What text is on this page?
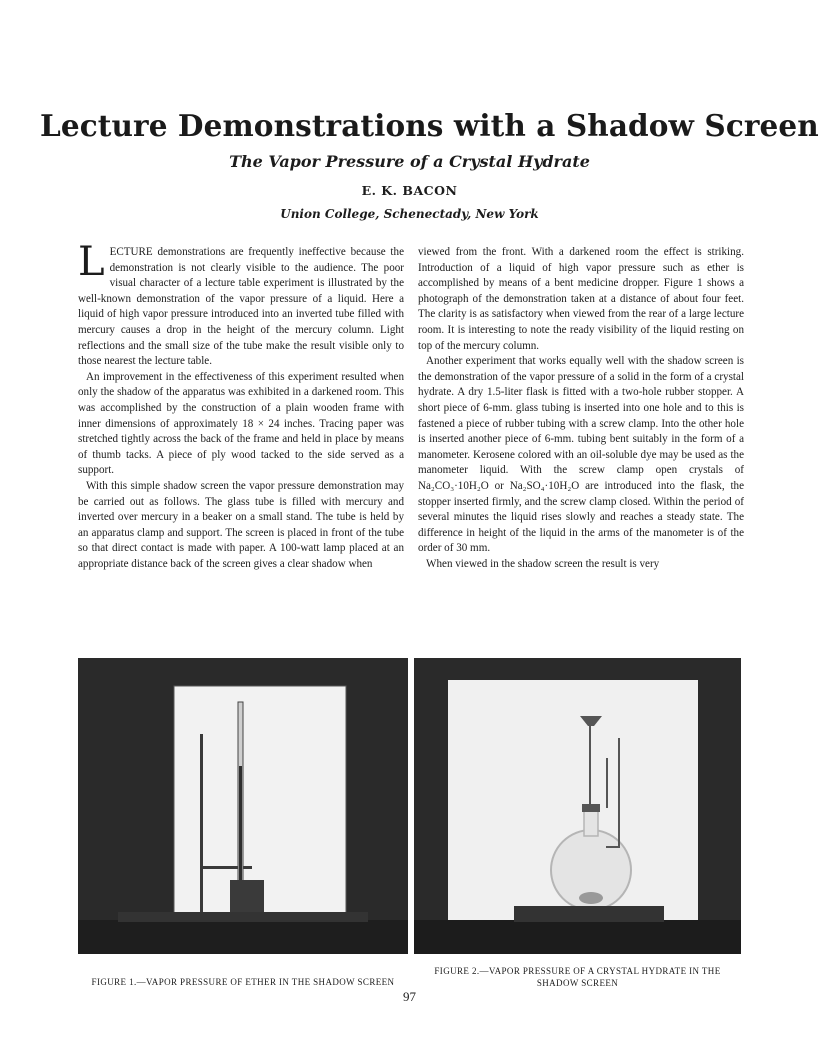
Lecture Demonstrations with a Shadow Screen
The Vapor Pressure of a Crystal Hydrate
E. K. BACON
Union College, Schenectady, New York

LECTURE demonstrations are frequently ineffective because the demonstration is not clearly visible to the audience. The poor visual character of a lecture table experiment is illustrated by the well-known demonstration of the vapor pressure of a liquid. Here a liquid of high vapor pressure introduced into an inverted tube filled with mercury causes a drop in the height of the mercury column. Light reflections and the small size of the tube make the result visible only to those nearest the lecture table.

An improvement in the effectiveness of this experiment resulted when only the shadow of the apparatus was exhibited in a darkened room. This was accomplished by the construction of a plain wooden frame with inner dimensions of approximately 18 × 24 inches. Tracing paper was stretched tightly across the back of the frame and held in place by means of thumb tacks. A piece of ply wood tacked to the side served as a support.

With this simple shadow screen the vapor pressure demonstration may be carried out as follows. The glass tube is filled with mercury and inverted over mercury in a beaker on a small stand. The tube is held by an apparatus clamp and support. The screen is placed in front of the tube so that direct contact is made with paper. A 100-watt lamp placed at an appropriate distance back of the screen gives a clear shadow when

viewed from the front. With a darkened room the effect is striking. Introduction of a liquid of high vapor pressure such as ether is accomplished by means of a bent medicine dropper. Figure 1 shows a photograph of the demonstration taken at a distance of about four feet. The clarity is as satisfactory when viewed from the rear of a large lecture room. It is interesting to note the ready visibility of the liquid resting on top of the mercury column.

Another experiment that works equally well with the shadow screen is the demonstration of the vapor pressure of a solid in the form of a crystal hydrate. A dry 1.5-liter flask is fitted with a two-hole rubber stopper. A short piece of 6-mm. glass tubing is inserted into one hole and to this is fastened a piece of rubber tubing with a screw clamp. Into the other hole is inserted another piece of 6-mm. tubing bent suitably in the form of a manometer. Kerosene colored with an oil-soluble dye may be used as the manometer liquid. With the screw clamp open crystals of Na₂CO₃·10H₂O or Na₂SO₄·10H₂O are introduced into the flask, the stopper inserted firmly, and the screw clamp closed. Within the period of several minutes the liquid rises slowly and reaches a steady state. The difference in height of the liquid in the arms of the manometer is of the order of 30 mm.

When viewed in the shadow screen the result is very

FIGURE 1.—VAPOR PRESSURE OF ETHER IN THE SHADOW SCREEN
FIGURE 2.—VAPOR PRESSURE OF A CRYSTAL HYDRATE IN THE SHADOW SCREEN
97
